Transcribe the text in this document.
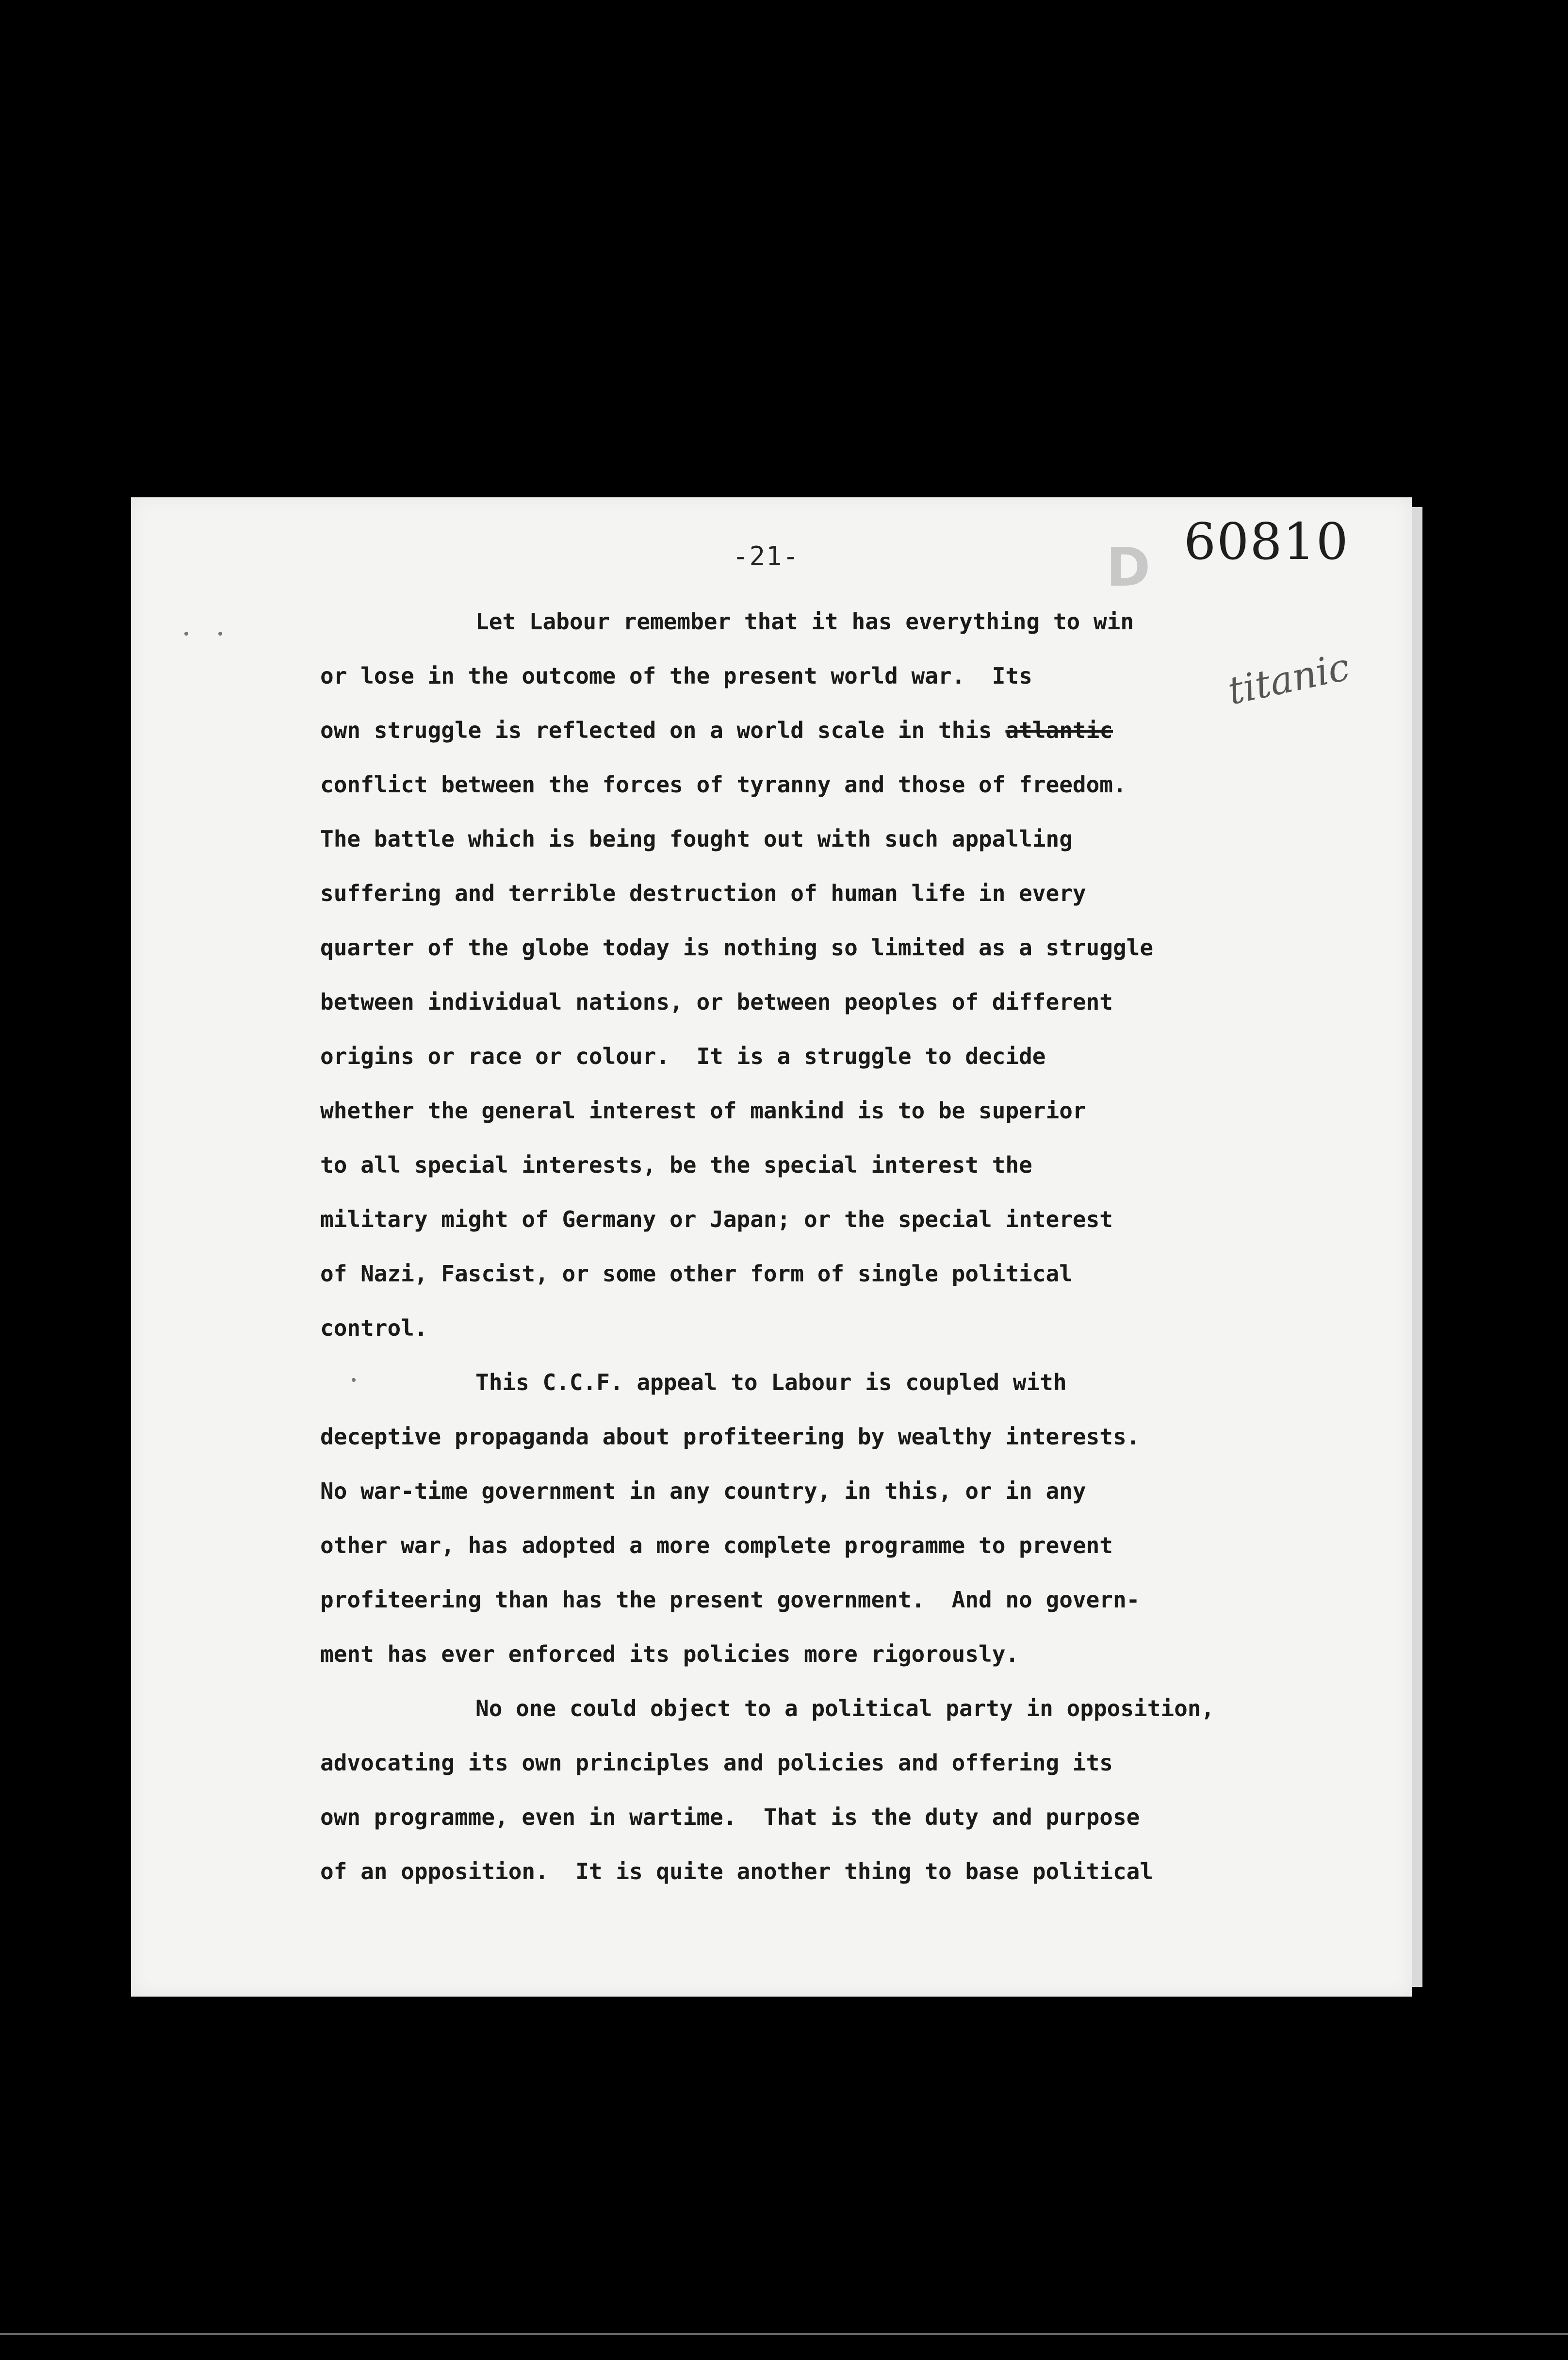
-21-	D 60810
titanic
Let Labour remember that it has everything to win
or lose in the outcome of the present world war.  Its
own struggle is reflected on a world scale in this atlantic
conflict between the forces of tyranny and those of freedom.
The battle which is being fought out with such appalling
suffering and terrible destruction of human life in every
quarter of the globe today is nothing so limited as a struggle
between individual nations, or between peoples of different
origins or race or colour.  It is a struggle to decide
whether the general interest of mankind is to be superior
to all special interests, be the special interest the
military might of Germany or Japan; or the special interest
of Nazi, Fascist, or some other form of single political
control.
This C.C.F. appeal to Labour is coupled with
deceptive propaganda about profiteering by wealthy interests.
No war-time government in any country, in this, or in any
other war, has adopted a more complete programme to prevent
profiteering than has the present government.  And no govern-
ment has ever enforced its policies more rigorously.
No one could object to a political party in opposition,
advocating its own principles and policies and offering its
own programme, even in wartime.  That is the duty and purpose
of an opposition.  It is quite another thing to base political
